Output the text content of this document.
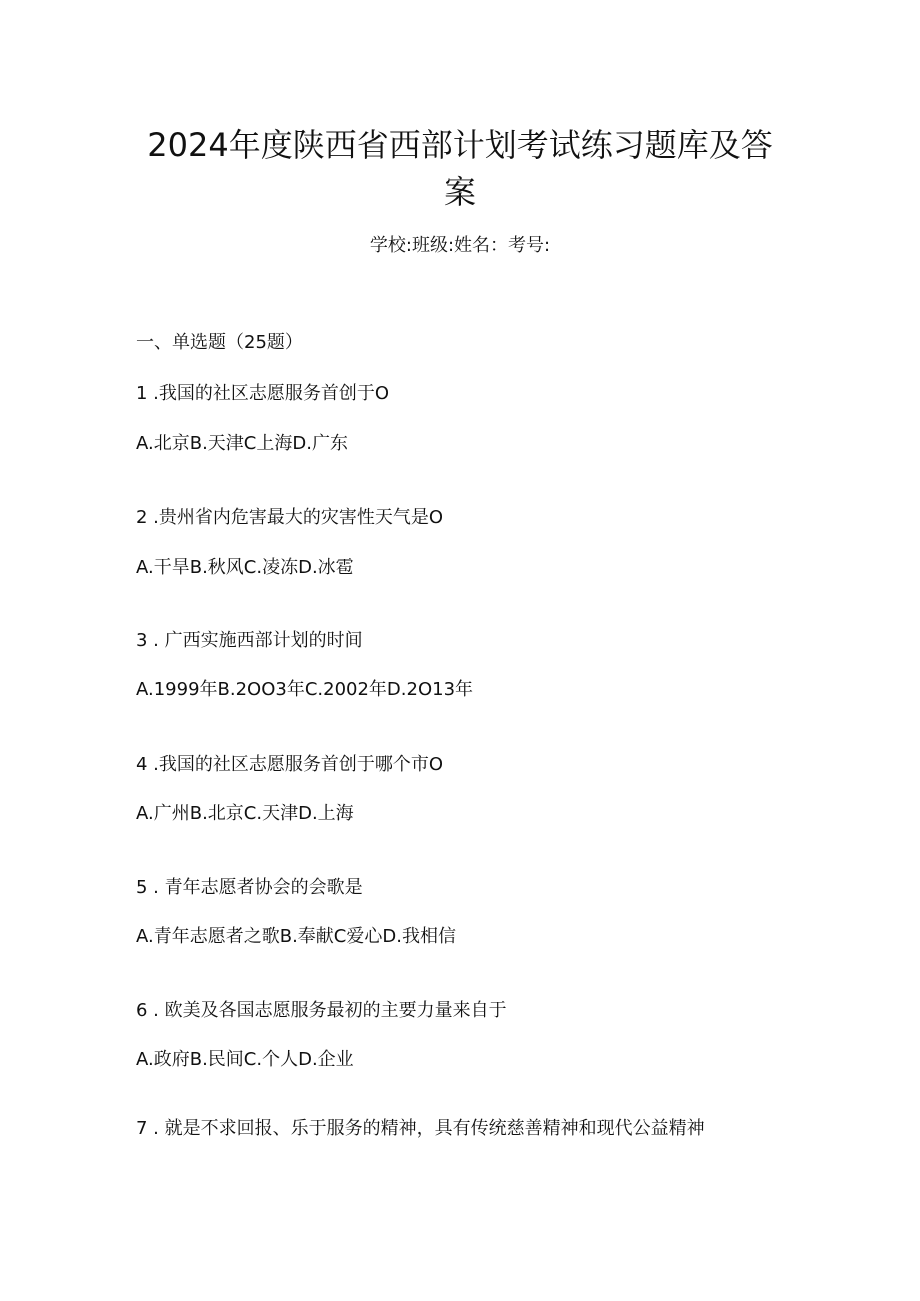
2024年度陕西省西部计划考试练习题库及答案
学校:班级:姓名：考号:
一、单选题（25题）
1 .我国的社区志愿服务首创于O
A.北京B.天津C上海D.广东
2 .贵州省内危害最大的灾害性天气是O
A.干旱B.秋风C.凌冻D.冰雹
3 . 广西实施西部计划的时间
A.1999年B.2OO3年C.2002年D.2O13年
4 .我国的社区志愿服务首创于哪个市O
A.广州B.北京C.天津D.上海
5 . 青年志愿者协会的会歌是
A.青年志愿者之歌B.奉献C爱心D.我相信
6 . 欧美及各国志愿服务最初的主要力量来自于
A.政府B.民间C.个人D.企业
7 . 就是不求回报、乐于服务的精神，具有传统慈善精神和现代公益精神
